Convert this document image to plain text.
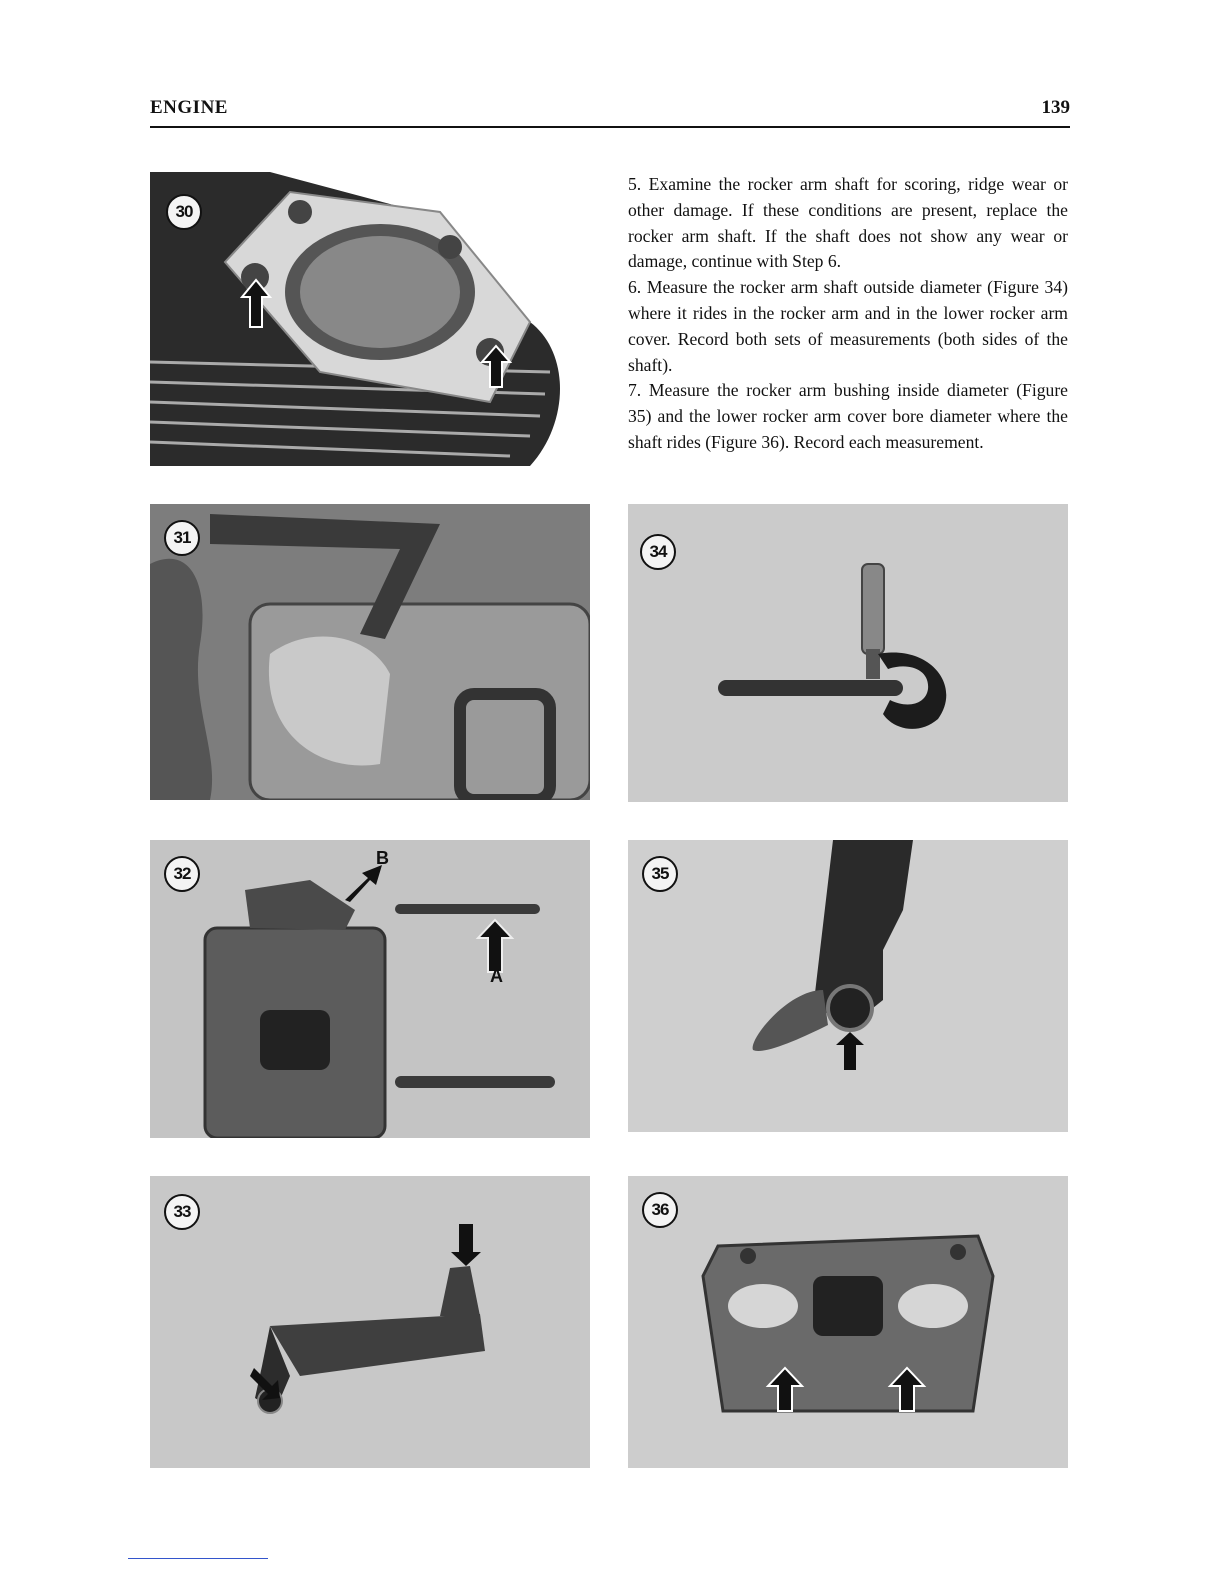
ENGINE	139

5. Examine the rocker arm shaft for scoring, ridge wear or other damage. If these conditions are present, replace the rocker arm shaft. If the shaft does not show any wear or damage, continue with Step 6.

6. Measure the rocker arm shaft outside diameter (Figure 34) where it rides in the rocker arm and in the lower rocker arm cover. Record both sets of measurements (both sides of the shaft).

7. Measure the rocker arm bushing inside diameter (Figure 35) and the lower rocker arm cover bore diameter where the shaft rides (Figure 36). Record each measurement.

30
31
32
B
A
33
34
35
36
